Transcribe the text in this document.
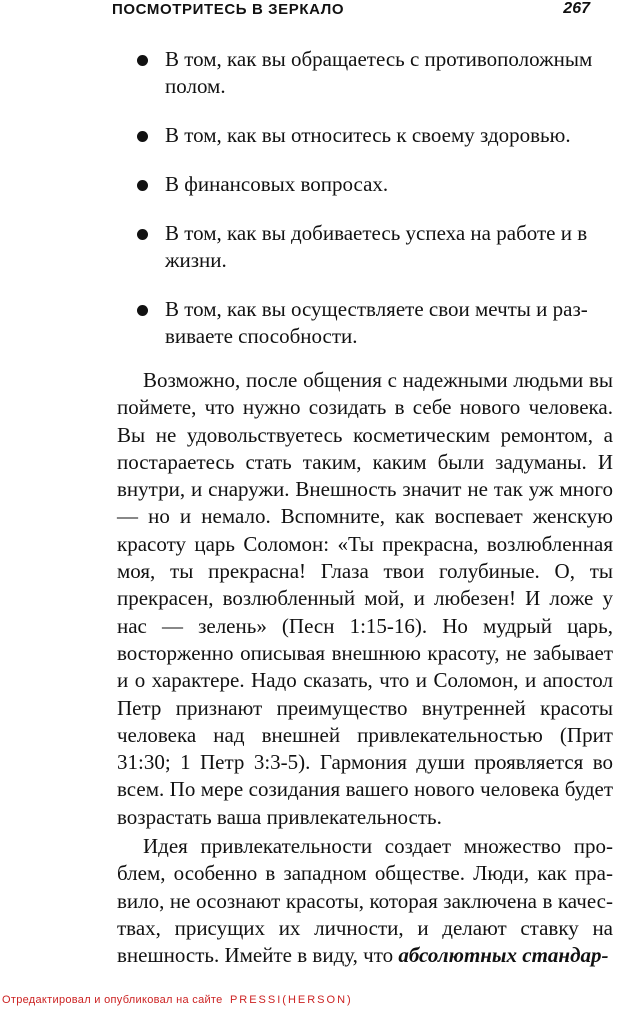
ПОСМОТРИТЕСЬ В ЗЕРКАЛО	267
В том, как вы обращаетесь с противоположным полом.
В том, как вы относитесь к своему здоровью.
В финансовых вопросах.
В том, как вы добиваетесь успеха на работе и в жизни.
В том, как вы осуществляете свои мечты и развиваете способности.

Возможно, после общения с надежными людьми вы поймете, что нужно созидать в себе нового человека. Вы не удовольствуетесь косметическим ремонтом, а постараетесь стать таким, каким были задуманы. И внутри, и снаружи. Внешность значит не так уж много — но и немало. Вспомните, как воспевает женскую красоту царь Соломон: «Ты прекрасна, возлюбленная моя, ты прекрасна! Глаза твои голубиные. О, ты прекрасен, возлюбленный мой, и любезен! И ложе у нас — зелень» (Песн 1:15-16). Но мудрый царь, восторженно описывая внешнюю красоту, не забывает и о характере. Надо сказать, что и Соломон, и апостол Петр признают преимущество внутренней красоты человека над внешней привлекательностью (Прит 31:30; 1 Петр 3:3-5). Гармония души проявляется во всем. По мере созидания вашего нового человека будет возрастать ваша привлекательность.

Идея привлекательности создает множество проблем, особенно в западном обществе. Люди, как правило, не осознают красоты, которая заключена в качествах, присущих их личности, и делают ставку на внешность. Имейте в виду, что абсолютных стандар-

Отредактировал и опубликовал на сайте PRESSI(HERSON)
